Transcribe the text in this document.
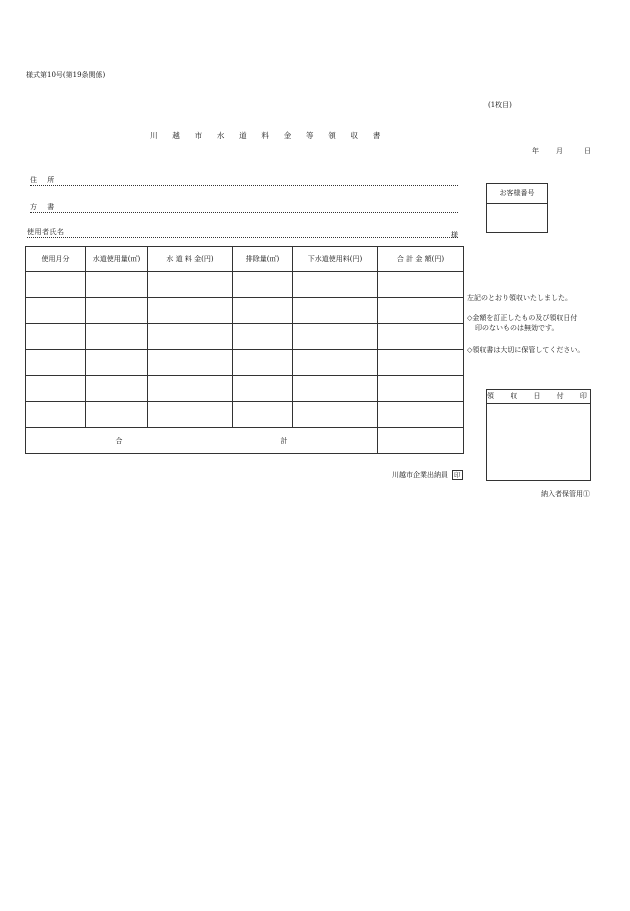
様式第10号(第19条関係)
(1枚目)
川 越 市 水 道 料 金 等 領 収 書
年 月	日
住 所
方 書
使用者氏名	様
お客様番号
使用月分	水道使用量(㎥)	水 道 料 金(円)	排除量(㎥)	下水道使用料(円)	合 計 金 額(円)

合 計					
左記のとおり領収いたしました。
◇金額を訂正したもの及び領収日付
印のないものは無効です。
◇領収書は大切に保管してください。
領 収 日 付 印
川越市企業出納員 印
納入者保管用①
